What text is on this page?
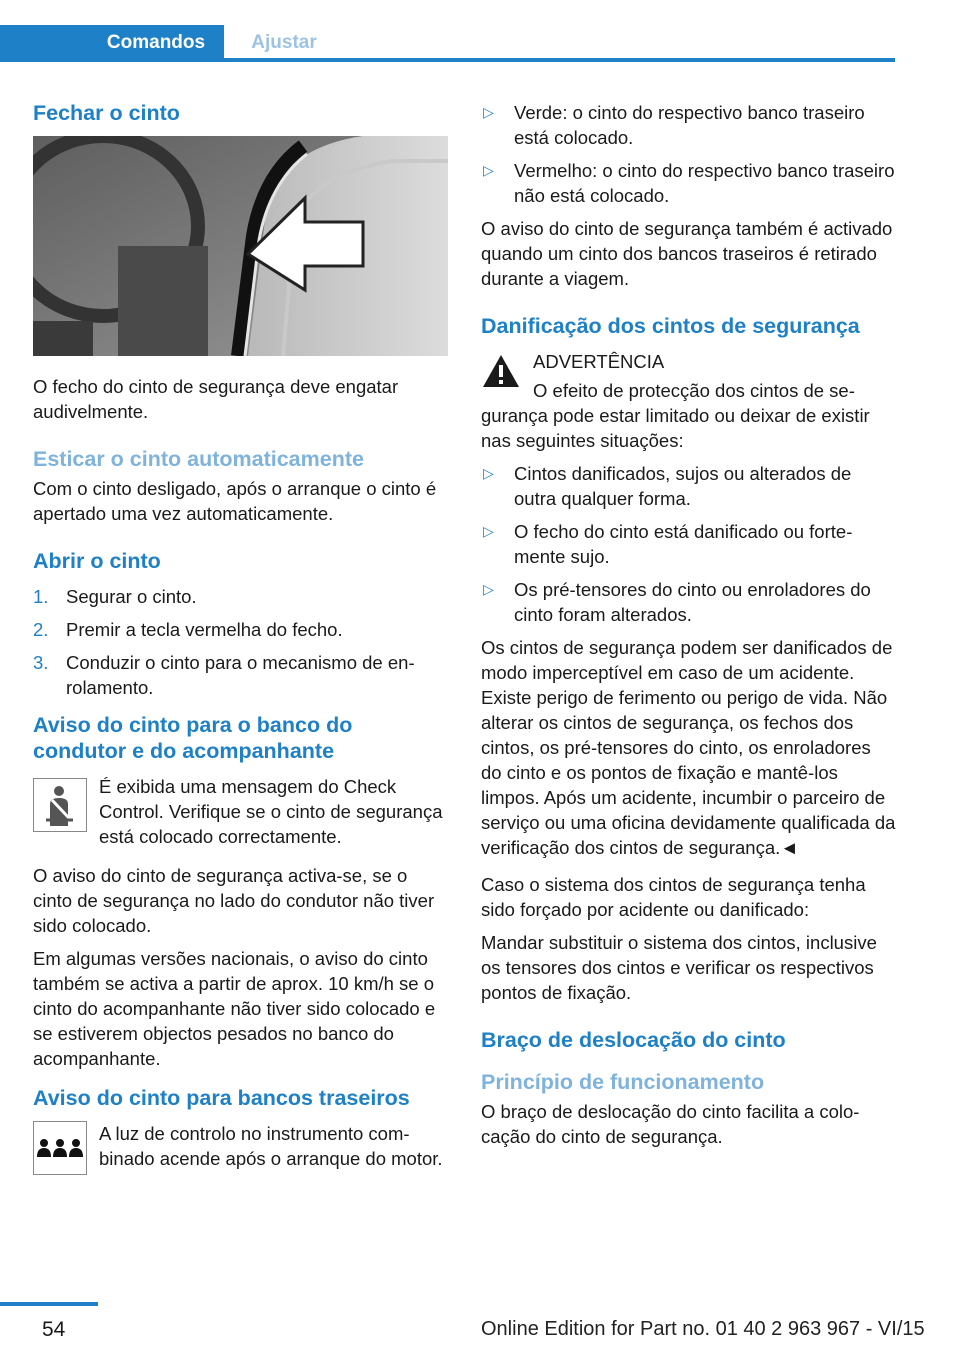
Comandos	Ajustar
Fechar o cinto

O fecho do cinto de segurança deve engatar audivelmente.

Esticar o cinto automaticamente

Com o cinto desligado, após o arranque o cinto é apertado uma vez automaticamente.

Abrir o cinto
1. Segurar o cinto.
2. Premir a tecla vermelha do fecho.
3. Conduzir o cinto para o mecanismo de enrolamento.
Aviso do cinto para o banco do condutor e do acompanhante

É exibida uma mensagem do Check Control. Verifique se o cinto de segurança está colocado correctamente.

O aviso do cinto de segurança activa-se, se o cinto de segurança no lado do condutor não tiver sido colocado.

Em algumas versões nacionais, o aviso do cinto também se activa a partir de aprox. 10 km/h se o cinto do acompanhante não tiver sido colocado e se estiverem objectos pesados no banco do acompanhante.

Aviso do cinto para bancos traseiros

A luz de controlo no instrumento combinado acende após o arranque do motor.

▷ Verde: o cinto do respectivo banco traseiro está colocado.
▷ Vermelho: o cinto do respectivo banco traseiro não está colocado.

O aviso do cinto de segurança também é activado quando um cinto dos bancos traseiros é retirado durante a viagem.

Danificação dos cintos de segurança
ADVERTÊNCIA

O efeito de protecção dos cintos de segurança pode estar limitado ou deixar de existir nas seguintes situações:

▷ Cintos danificados, sujos ou alterados de outra qualquer forma.
▷ O fecho do cinto está danificado ou fortemente sujo.
▷ Os pré-tensores do cinto ou enroladores do cinto foram alterados.

Os cintos de segurança podem ser danificados de modo imperceptível em caso de um acidente. Existe perigo de ferimento ou perigo de vida. Não alterar os cintos de segurança, os fechos dos cintos, os pré-tensores do cinto, os enroladores do cinto e os pontos de fixação e mantê-los limpos. Após um acidente, incumbir o parceiro de serviço ou uma oficina devidamente qualificada da verificação dos cintos de segurança.◄

Caso o sistema dos cintos de segurança tenha sido forçado por acidente ou danificado:

Mandar substituir o sistema dos cintos, inclusive os tensores dos cintos e verificar os respectivos pontos de fixação.

Braço de deslocação do cinto
Princípio de funcionamento

O braço de deslocação do cinto facilita a colocação do cinto de segurança.

54	Online Edition for Part no. 01 40 2 963 967 - VI/15
